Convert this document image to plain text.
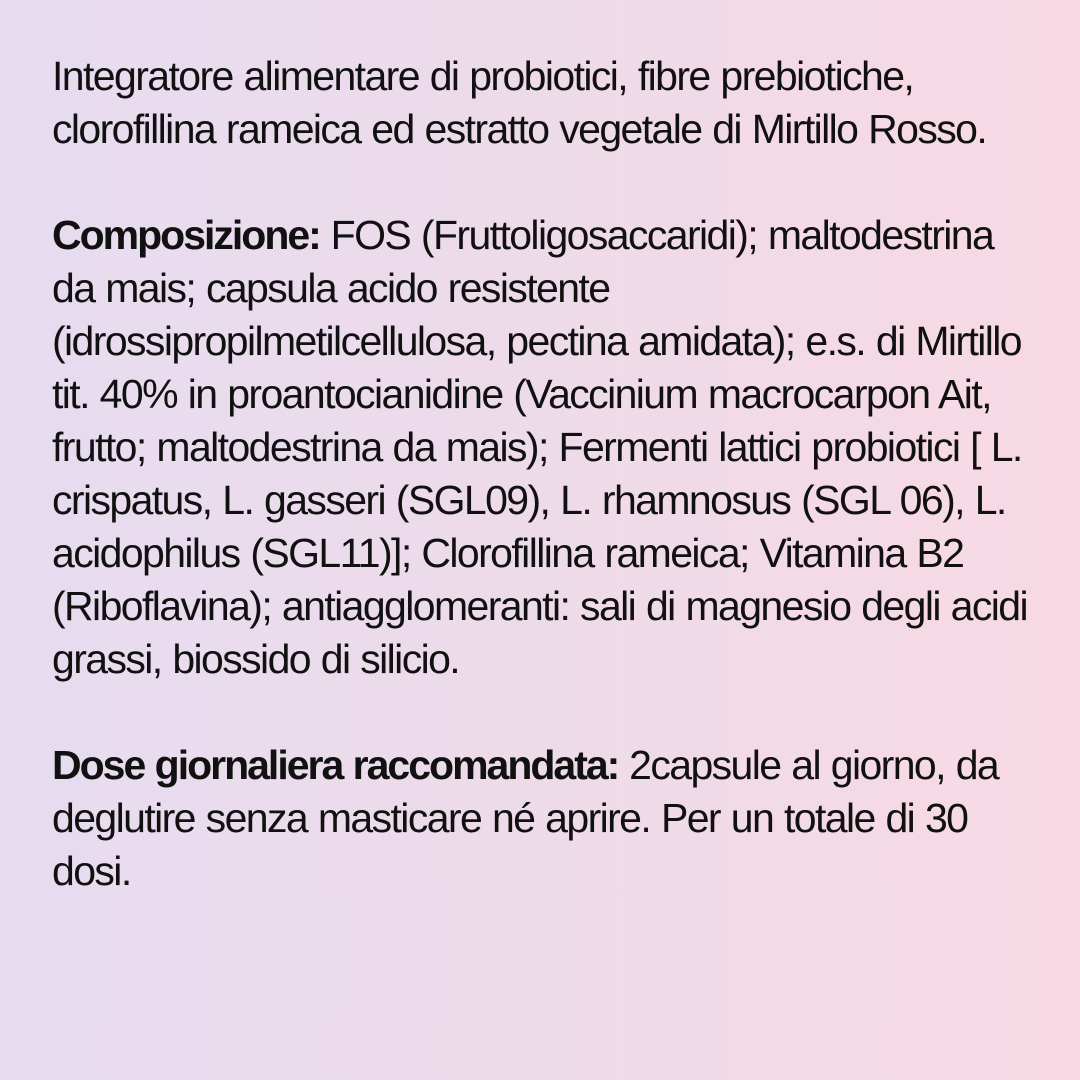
Integratore alimentare di probiotici, fibre prebiotiche, clorofillina rameica ed estratto vegetale di Mirtillo Rosso.

Composizione: FOS (Fruttoligosaccaridi); maltodestrina da mais; capsula acido resistente (idrossipropilmetilcellulosa, pectina amidata); e.s. di Mirtillo tit. 40% in proantocianidine (Vaccinium macrocarpon Ait, frutto; maltodestrina da mais); Fermenti lattici probiotici [ L. crispatus, L. gasseri (SGL09), L. rhamnosus (SGL 06), L. acidophilus (SGL11)]; Clorofillina rameica; Vitamina B2 (Riboflavina); antiagglomeranti: sali di magnesio degli acidi grassi, biossido di silicio.

Dose giornaliera raccomandata: 2capsule al giorno, da deglutire senza masticare né aprire. Per un totale di 30 dosi.
